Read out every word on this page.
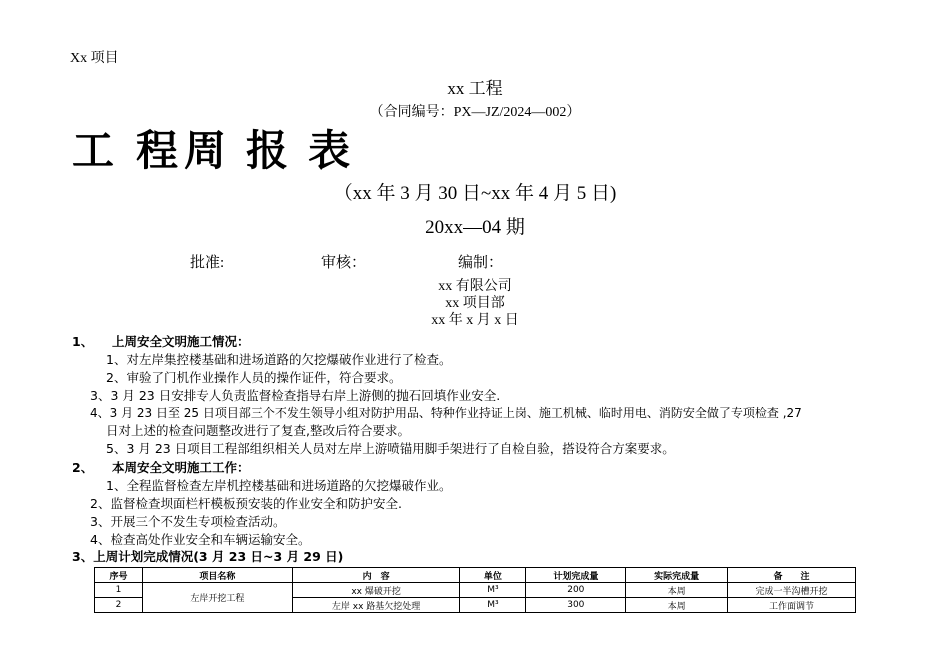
Xx 项目
xx 工程
（合同编号：PX—JZ/2024—002）
工 程 周 报 表
（xx 年 3 月 30 日~xx 年 4 月 5 日)
20xx—04 期
批准:	审核：	编制：
xx 有限公司
xx 项目部
xx 年 x 月 x 日
1、 上周安全文明施工情况：
1、对左岸集控楼基础和进场道路的欠挖爆破作业进行了检查。
2、审验了门机作业操作人员的操作证件，符合要求。
3、3 月 23 日安排专人负责监督检查指导右岸上游侧的抛石回填作业安全.
4、3 月 23 日至 25 日项目部三个不发生领导小组对防护用品、特种作业持证上岗、施工机械、临时用电、消防安全做了专项检查 ,27
日对上述的检查问题整改进行了复查,整改后符合要求。
5、3 月 23 日项目工程部组织相关人员对左岸上游喷锚用脚手架进行了自检自验，搭设符合方案要求。
2、 本周安全文明施工工作：
1、全程监督检查左岸机控楼基础和进场道路的欠挖爆破作业。
2、监督检查坝面栏杆模板预安装的作业安全和防护安全.
3、开展三个不发生专项检查活动。
4、检查高处作业安全和车辆运输安全。
3、上周计划完成情况(3 月 23 日~3 月 29 日)
序号	项目名称	内　容	单位	计划完成量	实际完成量	备　　注
1	左岸开挖工程	xx 爆破开挖	M³	200	本周	完成一半沟槽开挖
2		左岸 xx 路基欠挖处理	M³	300	本周	工作面调节
